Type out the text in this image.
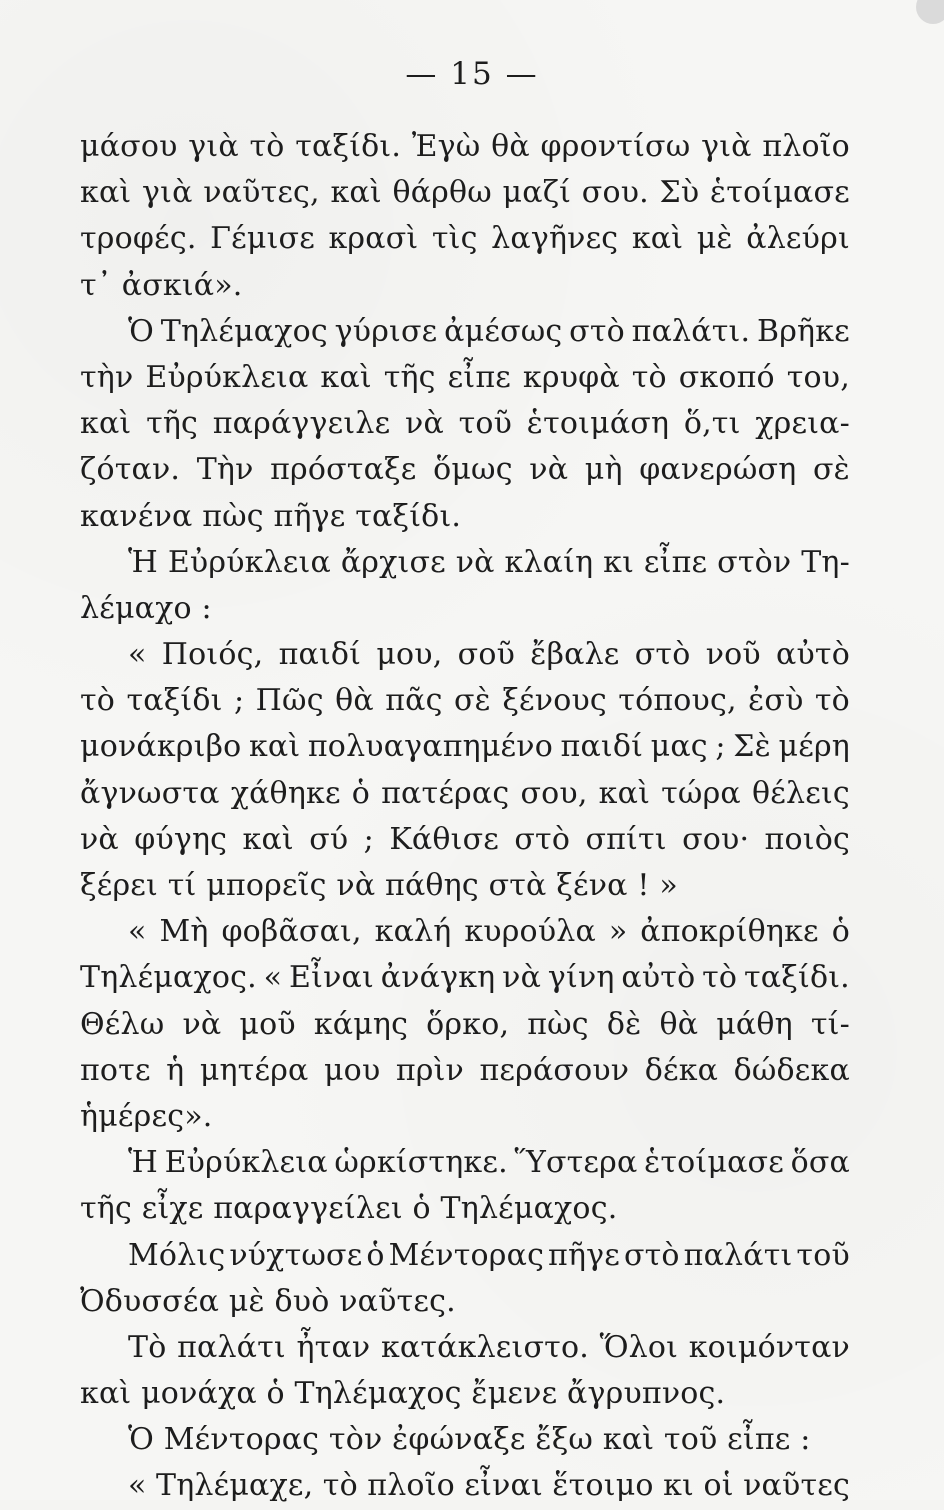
— 15 —
μάσου γιὰ τὸ ταξίδι. Ἐγὼ θὰ φροντίσω γιὰ πλοῖο
καὶ γιὰ ναῦτες, καὶ θάρθω μαζί σου. Σὺ ἑτοίμασε
τροφές. Γέμισε κρασὶ τὶς λαγῆνες καὶ μὲ ἀλεύρι
τ᾽ ἀσκιά».
Ὁ Τηλέμαχος γύρισε ἀμέσως στὸ παλάτι. Βρῆκε
τὴν Εὐρύκλεια καὶ τῆς εἶπε κρυφὰ τὸ σκοπό του,
καὶ τῆς παράγγειλε νὰ τοῦ ἑτοιμάση ὅ,τι χρεια-
ζόταν. Τὴν πρόσταξε ὅμως νὰ μὴ φανερώση σὲ
κανένα πὼς πῆγε ταξίδι.
Ἡ Εὐρύκλεια ἄρχισε νὰ κλαίη κι εἶπε στὸν Τη-
λέμαχο :
« Ποιός, παιδί μου, σοῦ ἔβαλε στὸ νοῦ αὐτὸ
τὸ ταξίδι ; Πῶς θὰ πᾶς σὲ ξένους τόπους, ἐσὺ τὸ
μονάκριβο καὶ πολυαγαπημένο παιδί μας ; Σὲ μέρη
ἄγνωστα χάθηκε ὁ πατέρας σου, καὶ τώρα θέλεις
νὰ φύγης καὶ σύ ; Κάθισε στὸ σπίτι σου· ποιὸς
ξέρει τί μπορεῖς νὰ πάθης στὰ ξένα ! »
« Μὴ φοβᾶσαι, καλή κυρούλα » ἀποκρίθηκε ὁ
Τηλέμαχος. « Εἶναι ἀνάγκη νὰ γίνη αὐτὸ τὸ ταξίδι.
Θέλω νὰ μοῦ κάμης ὅρκο, πὼς δὲ θὰ μάθη τί-
ποτε ἡ μητέρα μου πρὶν περάσουν δέκα δώδεκα
ἡμέρες».
Ἡ Εὐρύκλεια ὡρκίστηκε. Ὕστερα ἑτοίμασε ὅσα
τῆς εἶχε παραγγείλει ὁ Τηλέμαχος.
Μόλις νύχτωσε ὁ Μέντορας πῆγε στὸ παλάτι τοῦ
Ὀδυσσέα μὲ δυὸ ναῦτες.
Τὸ παλάτι ἦταν κατάκλειστο. Ὅλοι κοιμόνταν
καὶ μονάχα ὁ Τηλέμαχος ἔμενε ἄγρυπνος.
Ὁ Μέντορας τὸν ἐφώναξε ἔξω καὶ τοῦ εἶπε :
« Τηλέμαχε, τὸ πλοῖο εἶναι ἕτοιμο κι οἱ ναῦτες
